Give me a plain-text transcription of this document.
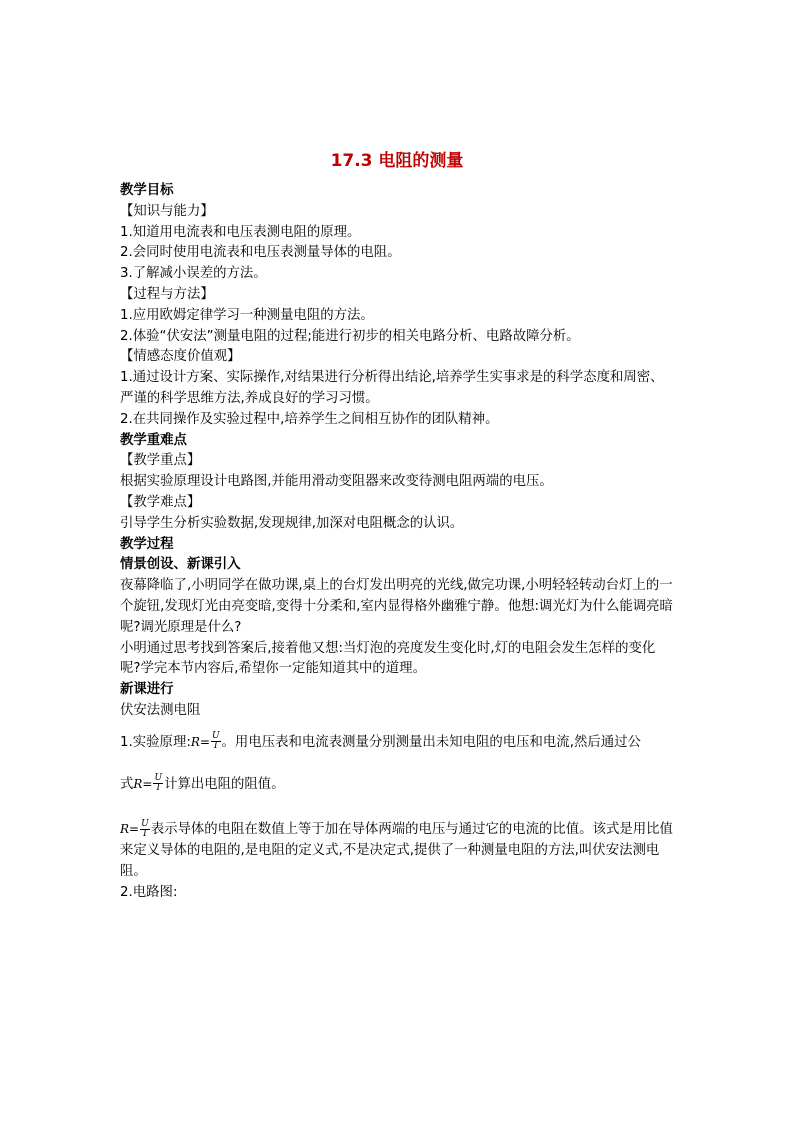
17.3 电阻的测量

教学目标

【知识与能力】

1.知道用电流表和电压表测电阻的原理。

2.会同时使用电流表和电压表测量导体的电阻。

3.了解减小误差的方法。

【过程与方法】

1.应用欧姆定律学习一种测量电阻的方法。

2.体验“伏安法”测量电阻的过程;能进行初步的相关电路分析、电路故障分析。

【情感态度价值观】

1.通过设计方案、实际操作,对结果进行分析得出结论,培养学生实事求是的科学态度和周密、严谨的科学思维方法,养成良好的学习习惯。

2.在共同操作及实验过程中,培养学生之间相互协作的团队精神。

教学重难点

【教学重点】

根据实验原理设计电路图,并能用滑动变阻器来改变待测电阻两端的电压。

【教学难点】

引导学生分析实验数据,发现规律,加深对电阻概念的认识。

教学过程

情景创设、新课引入

夜幕降临了,小明同学在做功课,桌上的台灯发出明亮的光线,做完功课,小明轻轻转动台灯上的一个旋钮,发现灯光由亮变暗,变得十分柔和,室内显得格外幽雅宁静。他想:调光灯为什么能调亮暗呢?调光原理是什么?

小明通过思考找到答案后,接着他又想:当灯泡的亮度发生变化时,灯的电阻会发生怎样的变化呢?学完本节内容后,希望你一定能知道其中的道理。

新课进行

伏安法测电阻

1.实验原理:R= $\frac{U}{I}$ 。用电压表和电流表测量分别测量出未知电阻的电压和电流,然后通过公

式$R= \frac{U}{I}$ 计算出电阻的阻值。

$R= \frac{U}{I}$ 表示导体的电阻在数值上等于加在导体两端的电压与通过它的电流的比值。该式是用比值来定义导体的电阻的,是电阻的定义式,不是决定式,提供了一种测量电阻的方法,叫伏安法测电阻。

2.电路图:
